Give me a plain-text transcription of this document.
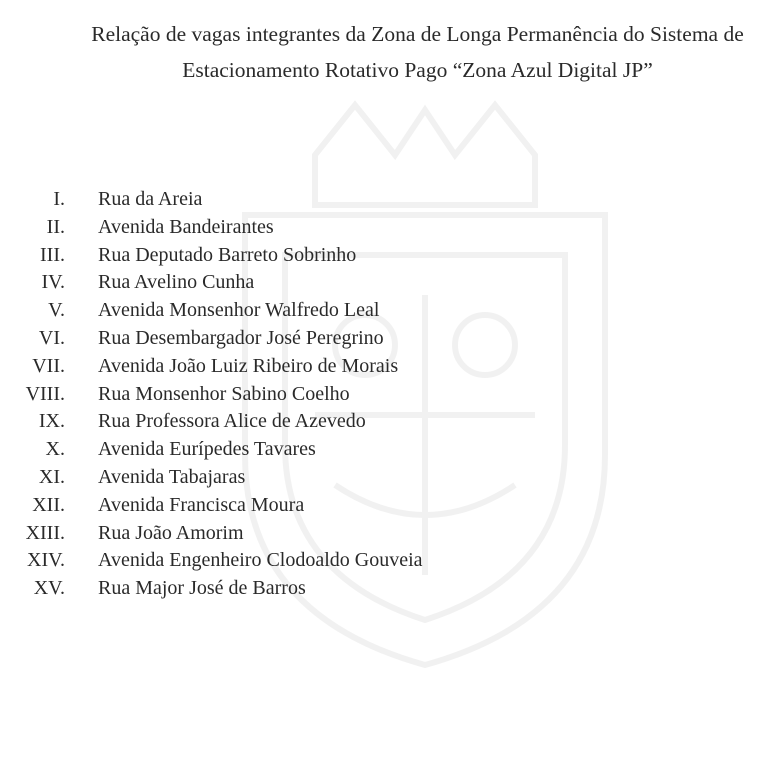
Relação de vagas integrantes da Zona de Longa Permanência do Sistema de
Estacionamento Rotativo Pago “Zona Azul Digital JP”
I. Rua da Areia
II. Avenida Bandeirantes
III. Rua Deputado Barreto Sobrinho
IV. Rua Avelino Cunha
V. Avenida Monsenhor Walfredo Leal
VI. Rua Desembargador José Peregrino
VII. Avenida João Luiz Ribeiro de Morais
VIII. Rua Monsenhor Sabino Coelho
IX. Rua Professora Alice de Azevedo
X. Avenida Eurípedes Tavares
XI. Avenida Tabajaras
XII. Avenida Francisca Moura
XIII. Rua João Amorim
XIV. Avenida Engenheiro Clodoaldo Gouveia
XV. Rua Major José de Barros
